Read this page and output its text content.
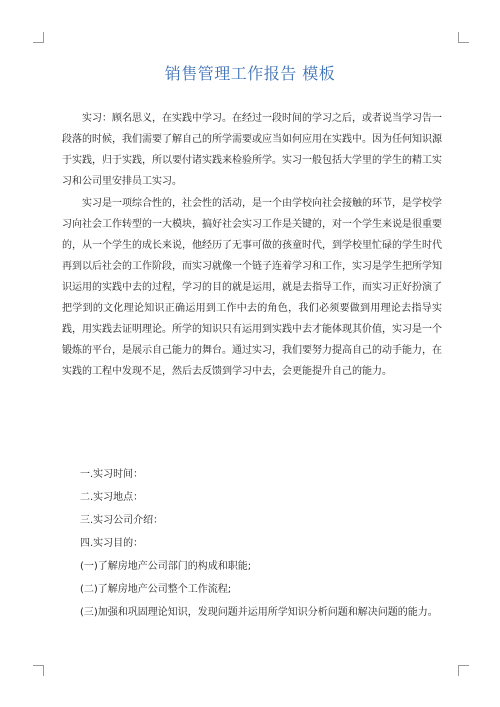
销售管理工作报告 模板

实习：顾名思义，在实践中学习。在经过一段时间的学习之后，或者说当学习告一段落的时候，我们需要了解自己的所学需要或应当如何应用在实践中。因为任何知识源于实践，归于实践，所以要付诸实践来检验所学。实习一般包括大学里的学生的精工实习和公司里安排员工实习。

实习是一项综合性的，社会性的活动，是一个由学校向社会接触的环节，是学校学习向社会工作转型的一大模块，搞好社会实习工作是关键的，对一个学生来说是很重要的，从一个学生的成长来说，他经历了无事可做的孩童时代，到学校里忙碌的学生时代再到以后社会的工作阶段，而实习就像一个链子连着学习和工作，实习是学生把所学知识运用的实践中去的过程，学习的目的就是运用，就是去指导工作，而实习正好扮演了把学到的文化理论知识正确运用到工作中去的角色，我们必须要做到用理论去指导实践，用实践去证明理论。所学的知识只有运用到实践中去才能体现其价值，实习是一个锻炼的平台，是展示自己能力的舞台。通过实习，我们要努力提高自己的动手能力，在实践的工程中发现不足，然后去反馈到学习中去，会更能提升自己的能力。

一.实习时间：
二.实习地点：
三.实习公司介绍：
四.实习目的：
(一)了解房地产公司部门的构成和职能;
(二)了解房地产公司整个工作流程;
(三)加强和巩固理论知识，发现问题并运用所学知识分析问题和解决问题的能力。
